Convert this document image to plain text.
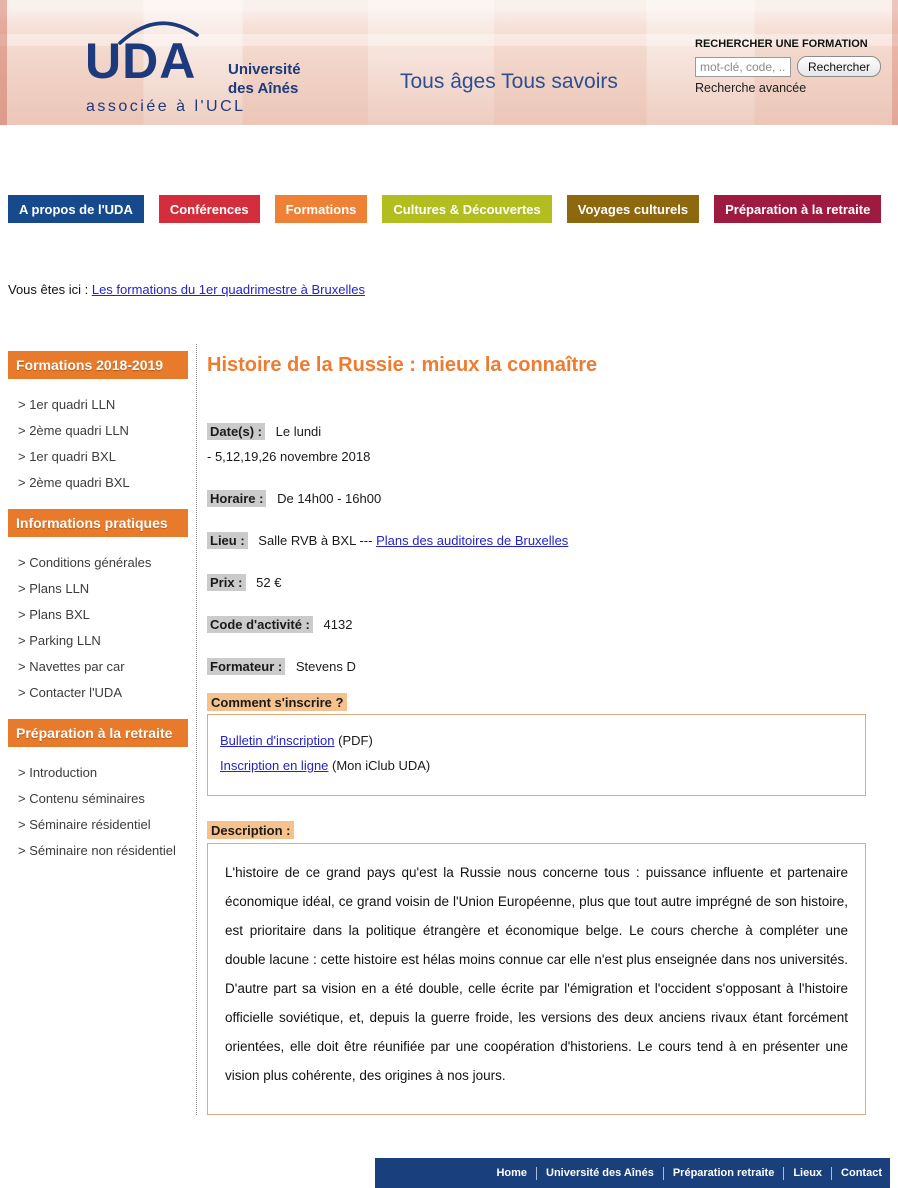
UDA Université
des Aînés
associée à l'UCL
Tous âges Tous savoirs
RECHERCHER UNE FORMATION
mot-clé, code, ...
Rechercher
Recherche avancée
A propos de l'UDA	Conférences	Formations	Cultures & Découvertes	Voyages culturels	Préparation à la retraite
Vous êtes ici : Les formations du 1er quadrimestre à Bruxelles
Formations 2018-2019
> 1er quadri LLN
> 2ème quadri LLN
> 1er quadri BXL
> 2ème quadri BXL
Informations pratiques
> Conditions générales
> Plans LLN
> Plans BXL
> Parking LLN
> Navettes par car
> Contacter l'UDA
Préparation à la retraite
> Introduction
> Contenu séminaires
> Séminaire résidentiel
> Séminaire non résidentiel
Histoire de la Russie : mieux la connaître
Date(s) : Le lundi
- 5,12,19,26 novembre 2018
Horaire : De 14h00 - 16h00
Lieu : Salle RVB à BXL --- Plans des auditoires de Bruxelles
Prix : 52 €
Code d'activité : 4132
Formateur : Stevens D
Comment s'inscrire ?
Bulletin d'inscription (PDF)
Inscription en ligne (Mon iClub UDA)
Description :

L'histoire de ce grand pays qu'est la Russie nous concerne tous : puissance influente et partenaire économique idéal, ce grand voisin de l'Union Européenne, plus que tout autre imprégné de son histoire, est prioritaire dans la politique étrangère et économique belge. Le cours cherche à compléter une double lacune : cette histoire est hélas moins connue car elle n'est plus enseignée dans nos universités. D'autre part sa vision en a été double, celle écrite par l'émigration et l'occident s'opposant à l'histoire officielle soviétique, et, depuis la guerre froide, les versions des deux anciens rivaux étant forcément orientées, elle doit être réunifiée par une coopération d'historiens. Le cours tend à en présenter une vision plus cohérente, des origines à nos jours.

Home Université des Aînés Préparation retraite Lieux Contact
